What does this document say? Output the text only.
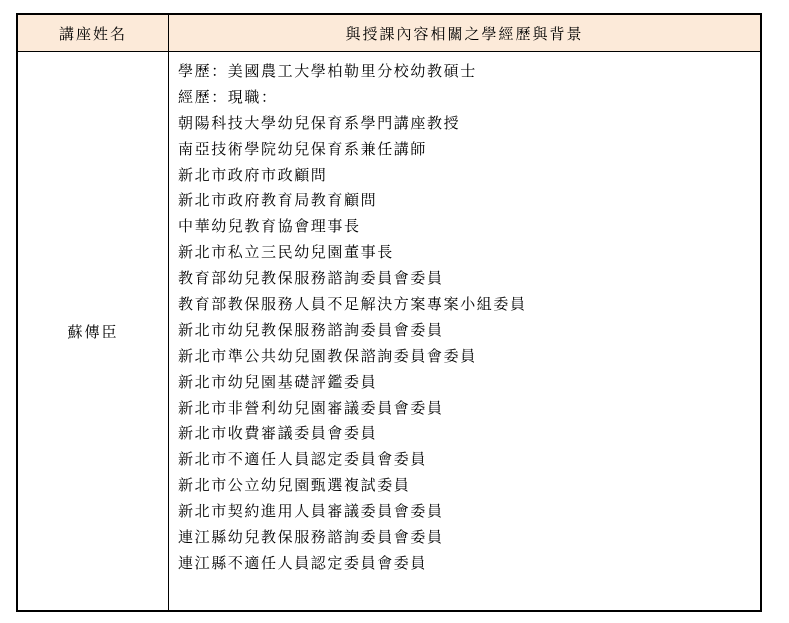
講座姓名	與授課內容相關之學經歷與背景
蘇傳臣
學歷：美國農工大學柏勒里分校幼教碩士
經歷：現職：
朝陽科技大學幼兒保育系學門講座教授
南亞技術學院幼兒保育系兼任講師
新北市政府市政顧問
新北市政府教育局教育顧問
中華幼兒教育協會理事長
新北市私立三民幼兒園董事長
教育部幼兒教保服務諮詢委員會委員
教育部教保服務人員不足解決方案專案小組委員
新北市幼兒教保服務諮詢委員會委員
新北市準公共幼兒園教保諮詢委員會委員
新北市幼兒園基礎評鑑委員
新北市非營利幼兒園審議委員會委員
新北市收費審議委員會委員
新北市不適任人員認定委員會委員
新北市公立幼兒園甄選複試委員
新北市契約進用人員審議委員會委員
連江縣幼兒教保服務諮詢委員會委員
連江縣不適任人員認定委員會委員
